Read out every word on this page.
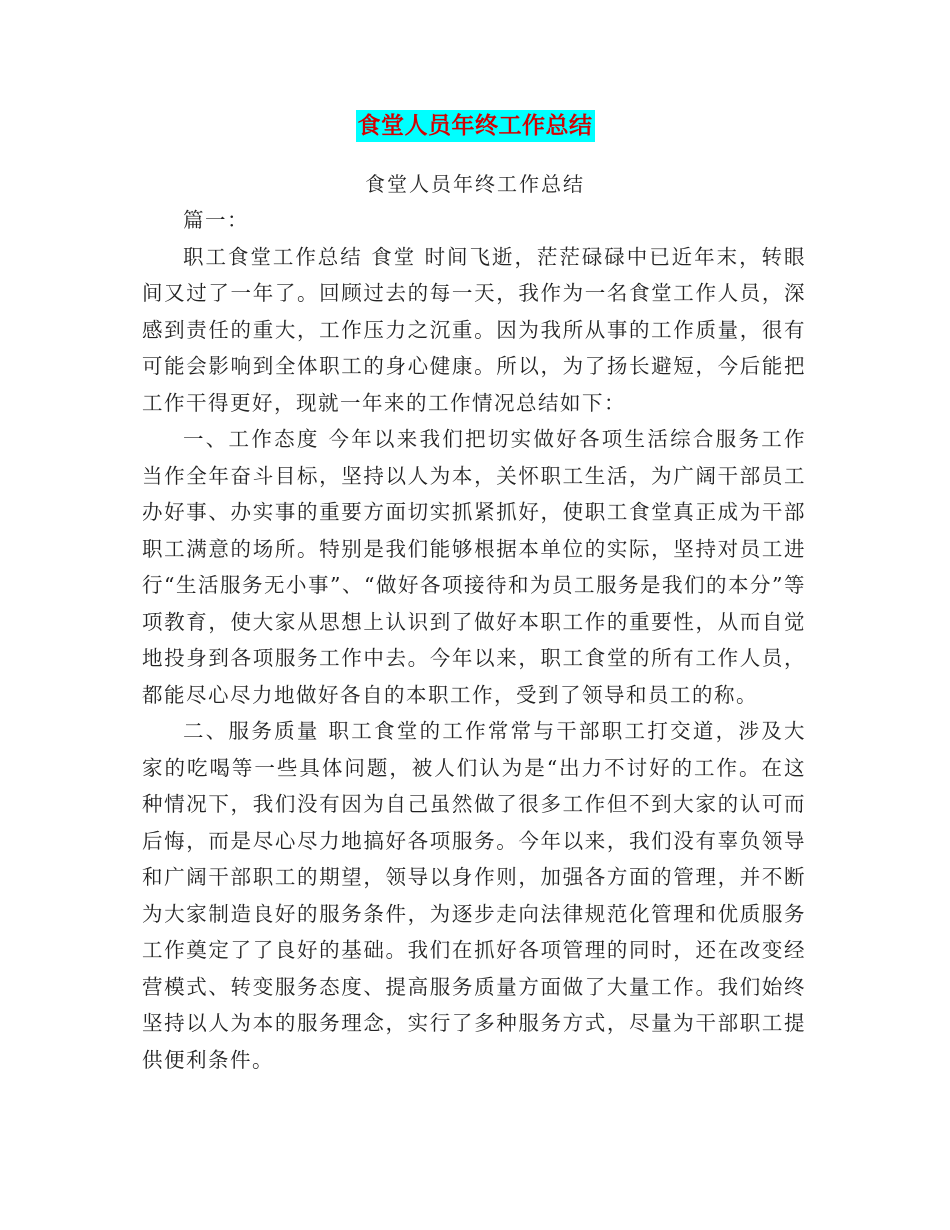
食堂人员年终工作总结
食堂人员年终工作总结

篇一：

职工食堂工作总结 食堂 时间飞逝，茫茫碌碌中已近年末，转眼间又过了一年了。回顾过去的每一天，我作为一名食堂工作人员，深感到责任的重大，工作压力之沉重。因为我所从事的工作质量，很有可能会影响到全体职工的身心健康。所以，为了扬长避短，今后能把工作干得更好，现就一年来的工作情况总结如下：

一、工作态度 今年以来我们把切实做好各项生活综合服务工作当作全年奋斗目标，坚持以人为本，关怀职工生活，为广阔干部员工办好事、办实事的重要方面切实抓紧抓好，使职工食堂真正成为干部职工满意的场所。特别是我们能够根据本单位的实际，坚持对员工进行“生活服务无小事”、“做好各项接待和为员工服务是我们的本分”等项教育，使大家从思想上认识到了做好本职工作的重要性，从而自觉地投身到各项服务工作中去。今年以来，职工食堂的所有工作人员，都能尽心尽力地做好各自的本职工作，受到了领导和员工的称。

二、服务质量 职工食堂的工作常常与干部职工打交道，涉及大家的吃喝等一些具体问题，被人们认为是“出力不讨好的工作。在这种情况下，我们没有因为自己虽然做了很多工作但不到大家的认可而后悔，而是尽心尽力地搞好各项服务。今年以来，我们没有辜负领导和广阔干部职工的期望，领导以身作则，加强各方面的管理，并不断为大家制造良好的服务条件，为逐步走向法律规范化管理和优质服务工作奠定了了良好的基础。我们在抓好各项管理的同时，还在改变经营模式、转变服务态度、提高服务质量方面做了大量工作。我们始终坚持以人为本的服务理念，实行了多种服务方式，尽量为干部职工提供便利条件。
